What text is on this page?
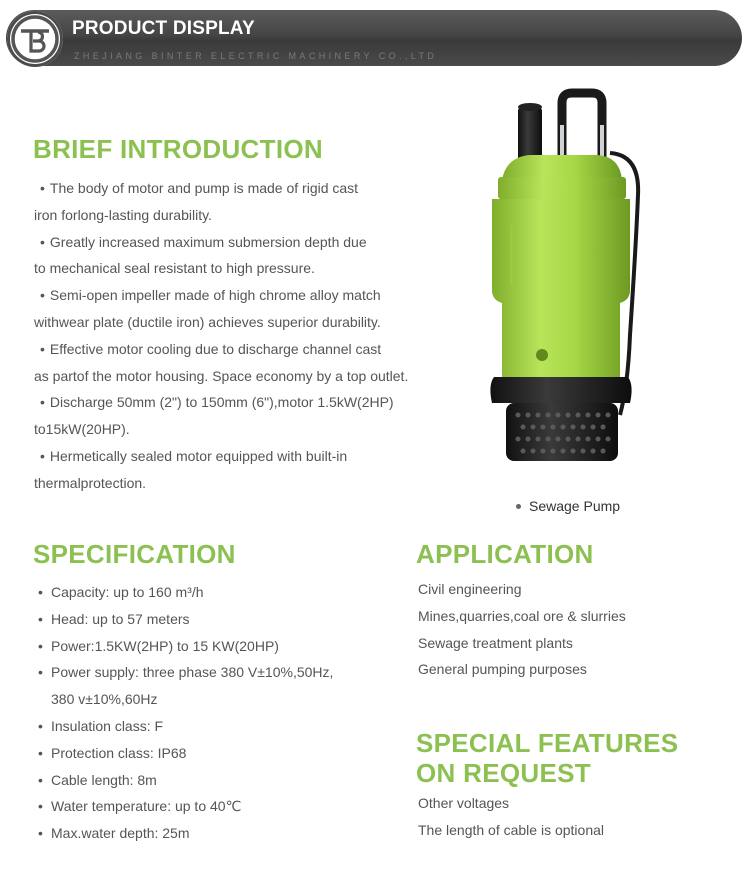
PRODUCT DISPLAY
ZHEJIANG BINTER ELECTRIC MACHINERY CO.,LTD
BRIEF INTRODUCTION

• The body of motor and pump is made of rigid cast

iron forlong-lasting durability.

• Greatly increased maximum submersion depth due

to mechanical seal resistant to high pressure.

• Semi-open impeller made of high chrome alloy match

withwear plate (ductile iron) achieves superior durability.

• Effective motor cooling due to discharge channel cast

as partof the motor housing. Space economy by a top outlet.

• Discharge 50mm (2") to 150mm (6"),motor 1.5kW(2HP)

to15kW(20HP).

• Hermetically sealed motor equipped with built-in

thermalprotection.

Sewage Pump
SPECIFICATION
• Capacity: up to 160 m³/h
• Head: up to 57 meters
• Power:1.5KW(2HP) to 15 KW(20HP)
• Power supply: three phase 380 V±10%,50Hz,
380 v±10%,60Hz
• Insulation class: F
• Protection class: IP68
• Cable length: 8m
• Water temperature: up to 40℃
• Max.water depth: 25m
APPLICATION
Civil engineering
Mines,quarries,coal ore & slurries
Sewage treatment plants
General pumping purposes
SPECIAL FEATURES
ON REQUEST
Other voltages
The length of cable is optional
